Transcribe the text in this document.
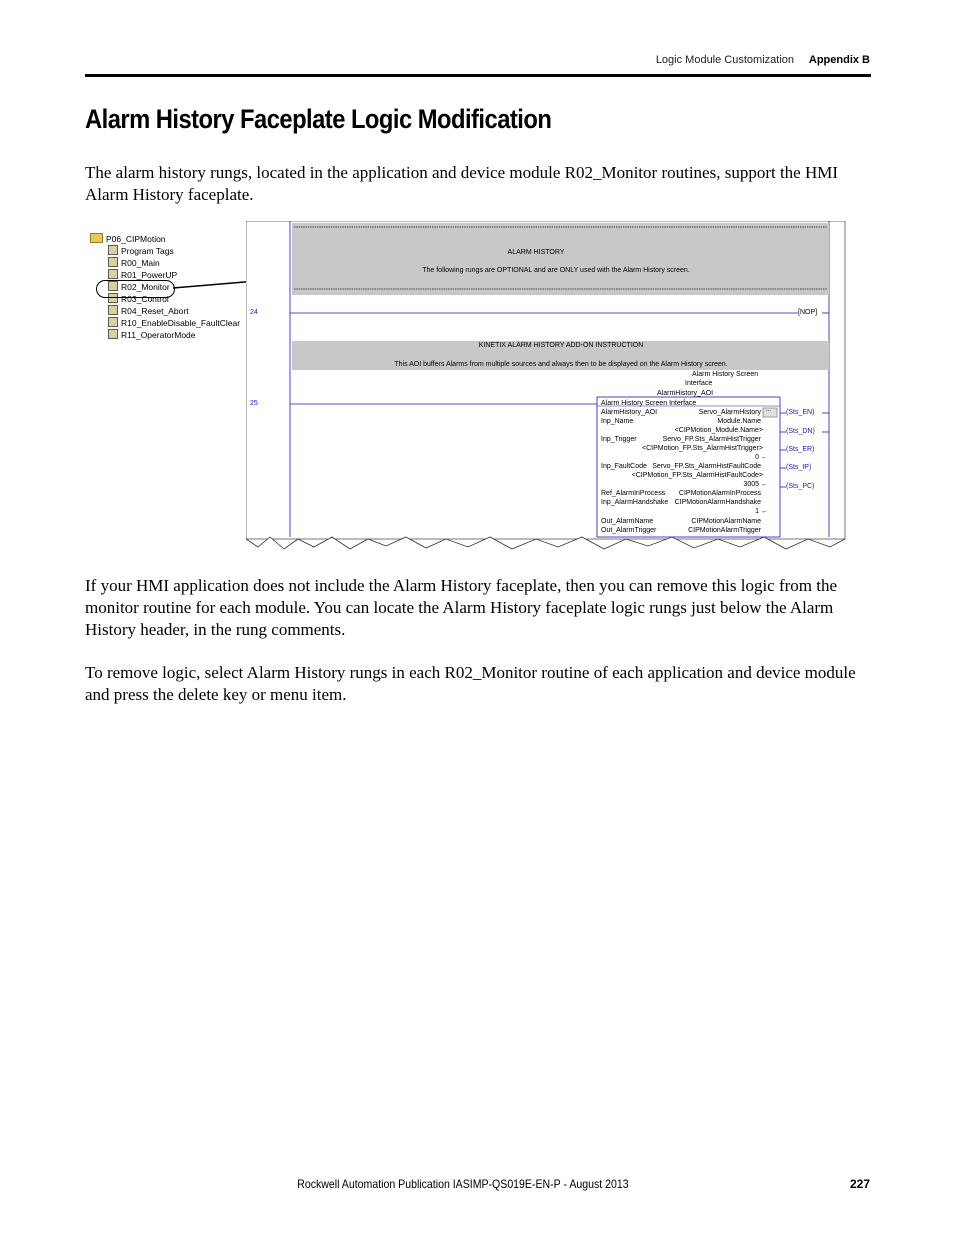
Logic Module Customization Appendix B
Alarm History Faceplate Logic Modification
The alarm history rungs, located in the application and device module R02_Monitor routines, support the HMI Alarm History faceplate.
P06_CIPMotion
Program Tags
R00_Main
R01_PowerUP
R02_Monitor
R03_Control
R04_Reset_Abort
R10_EnableDisable_FaultClear
R11_OperatorMode
ALARM HISTORY
The following rungs are OPTIONAL and are ONLY used with the Alarm History screen.
24	[NOP]
KINETIX ALARM HISTORY ADD-ON INSTRUCTION
This AOI buffers Alarms from multiple sources and always then to be displayed on the Alarm History screen.
Alarm History Screen
Interface
AlarmHistory_AOI
25	Alarm History Screen Interface
...
AlarmHistory_AOI	Servo_AlarmHistory
Inp_Name	Module.Name
<CIPMotion_Module.Name>
Inp_Trigger	Servo_FP.Sts_AlarmHistTrigger
<CIPMotion_FP.Sts_AlarmHistTrigger>
0 ←
Inp_FaultCode Servo_FP.Sts_AlarmHistFaultCode
<CIPMotion_FP.Sts_AlarmHistFaultCode>
3005 ←
Ref_AlarmInProcess	CIPMotionAlarmInProcess
Inp_AlarmHandshake CIPMotionAlarmHandshake
1 ←
Out_AlarmName	CIPMotionAlarmName
Out_AlarmTrigger	CIPMotionAlarmTrigger
(Sts_EN)
(Sts_DN)
(Sts_ER)
(Sts_IP)
(Sts_PC)
If your HMI application does not include the Alarm History faceplate, then you can remove this logic from the monitor routine for each module. You can locate the Alarm History faceplate logic rungs just below the Alarm History header, in the rung comments.
To remove logic, select Alarm History rungs in each R02_Monitor routine of each application and device module and press the delete key or menu item.
Rockwell Automation Publication IASIMP-QS019E-EN-P - August 2013	227
